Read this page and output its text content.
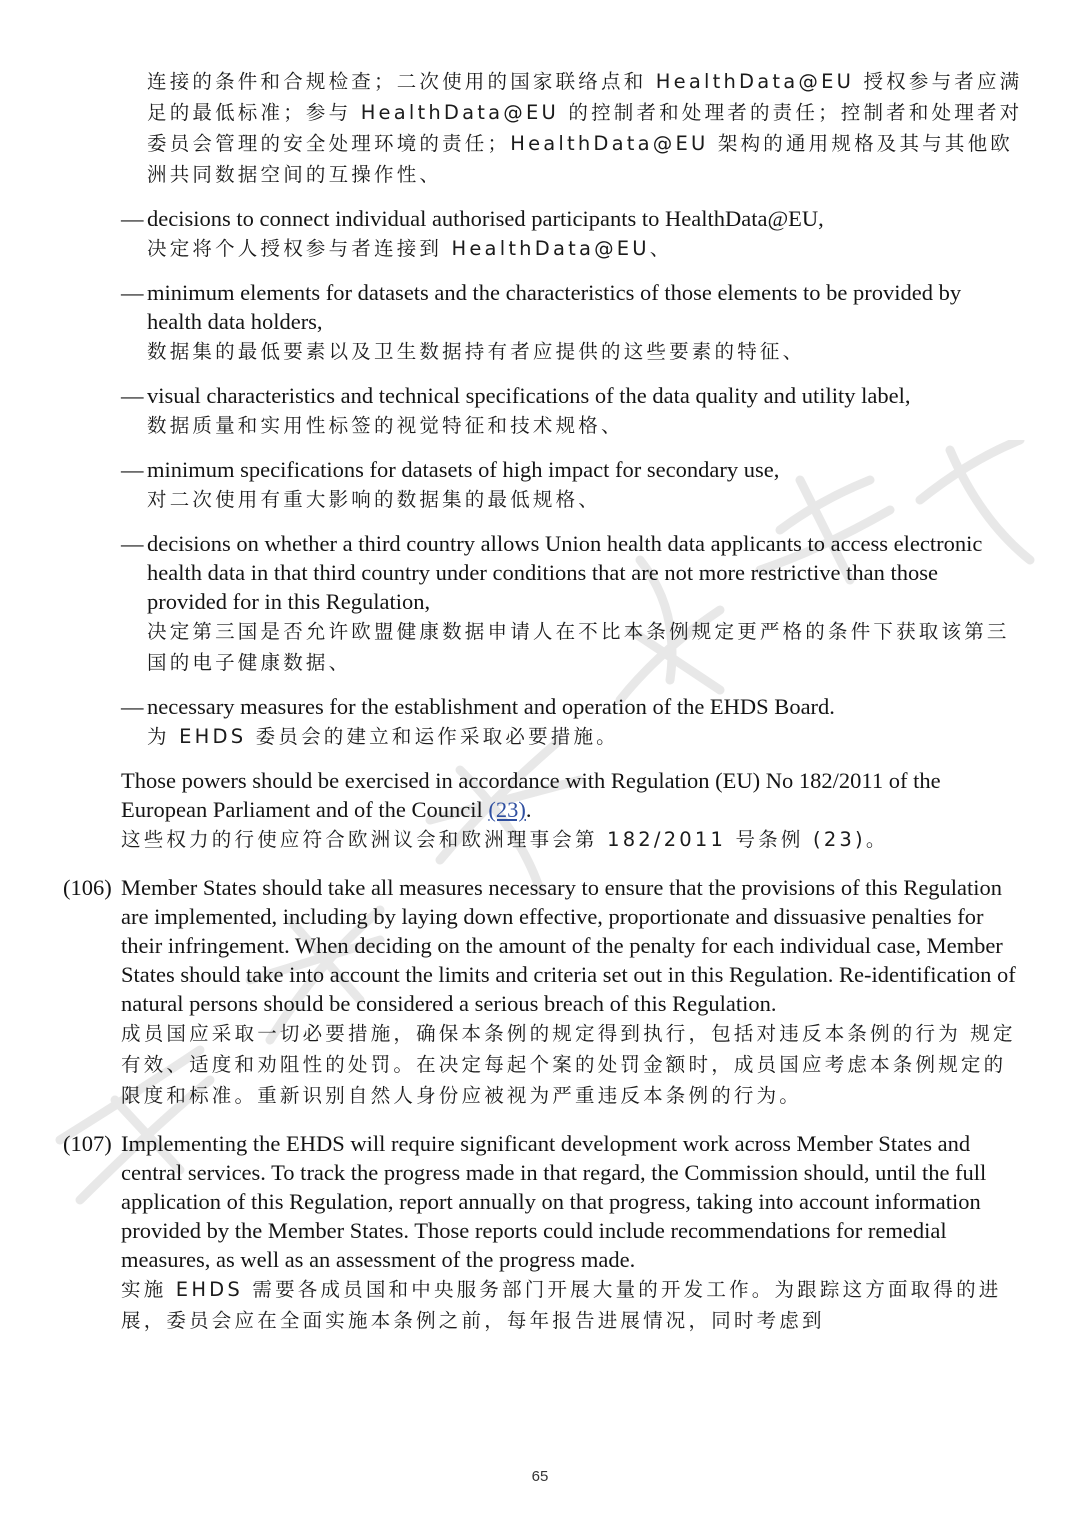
连接的条件和合规检查；二次使用的国家联络点和 HealthData@EU 授权参与者应满足的最低标准；参与 HealthData@EU 的控制者和处理者的责任；控制者和处理者对委员会管理的安全处理环境的责任；HealthData@EU 架构的通用规格及其与其他欧洲共同数据空间的互操作性、

— decisions to connect individual authorised participants to HealthData@EU,

决定将个人授权参与者连接到 HealthData@EU、

— minimum elements for datasets and the characteristics of those elements to be provided by health data holders,

数据集的最低要素以及卫生数据持有者应提供的这些要素的特征、

— visual characteristics and technical specifications of the data quality and utility label,

数据质量和实用性标签的视觉特征和技术规格、

— minimum specifications for datasets of high impact for secondary use,

对二次使用有重大影响的数据集的最低规格、

— decisions on whether a third country allows Union health data applicants to access electronic health data in that third country under conditions that are not more restrictive than those provided for in this Regulation,

决定第三国是否允许欧盟健康数据申请人在不比本条例规定更严格的条件下获取该第三国的电子健康数据、

— necessary measures for the establishment and operation of the EHDS Board.

为 EHDS 委员会的建立和运作采取必要措施。

Those powers should be exercised in accordance with Regulation (EU) No 182/2011 of the European Parliament and of the Council (23).

这些权力的行使应符合欧洲议会和欧洲理事会第 182/2011 号条例 (23)。

(106) Member States should take all measures necessary to ensure that the provisions of this Regulation are implemented, including by laying down effective, proportionate and dissuasive penalties for their infringement. When deciding on the amount of the penalty for each individual case, Member States should take into account the limits and criteria set out in this Regulation. Re-identification of natural persons should be considered a serious breach of this Regulation.

成员国应采取一切必要措施，确保本条例的规定得到执行，包括对违反本条例的行为 规定有效、适度和劝阻性的处罚。在决定每起个案的处罚金额时，成员国应考虑本条例规定的限度和标准。重新识别自然人身份应被视为严重违反本条例的行为。

(107) Implementing the EHDS will require significant development work across Member States and central services. To track the progress made in that regard, the Commission should, until the full application of this Regulation, report annually on that progress, taking into account information provided by the Member States. Those reports could include recommendations for remedial measures, as well as an assessment of the progress made.

实施 EHDS 需要各成员国和中央服务部门开展大量的开发工作。为跟踪这方面取得的进展，委员会应在全面实施本条例之前，每年报告进展情况，同时考虑到

65
